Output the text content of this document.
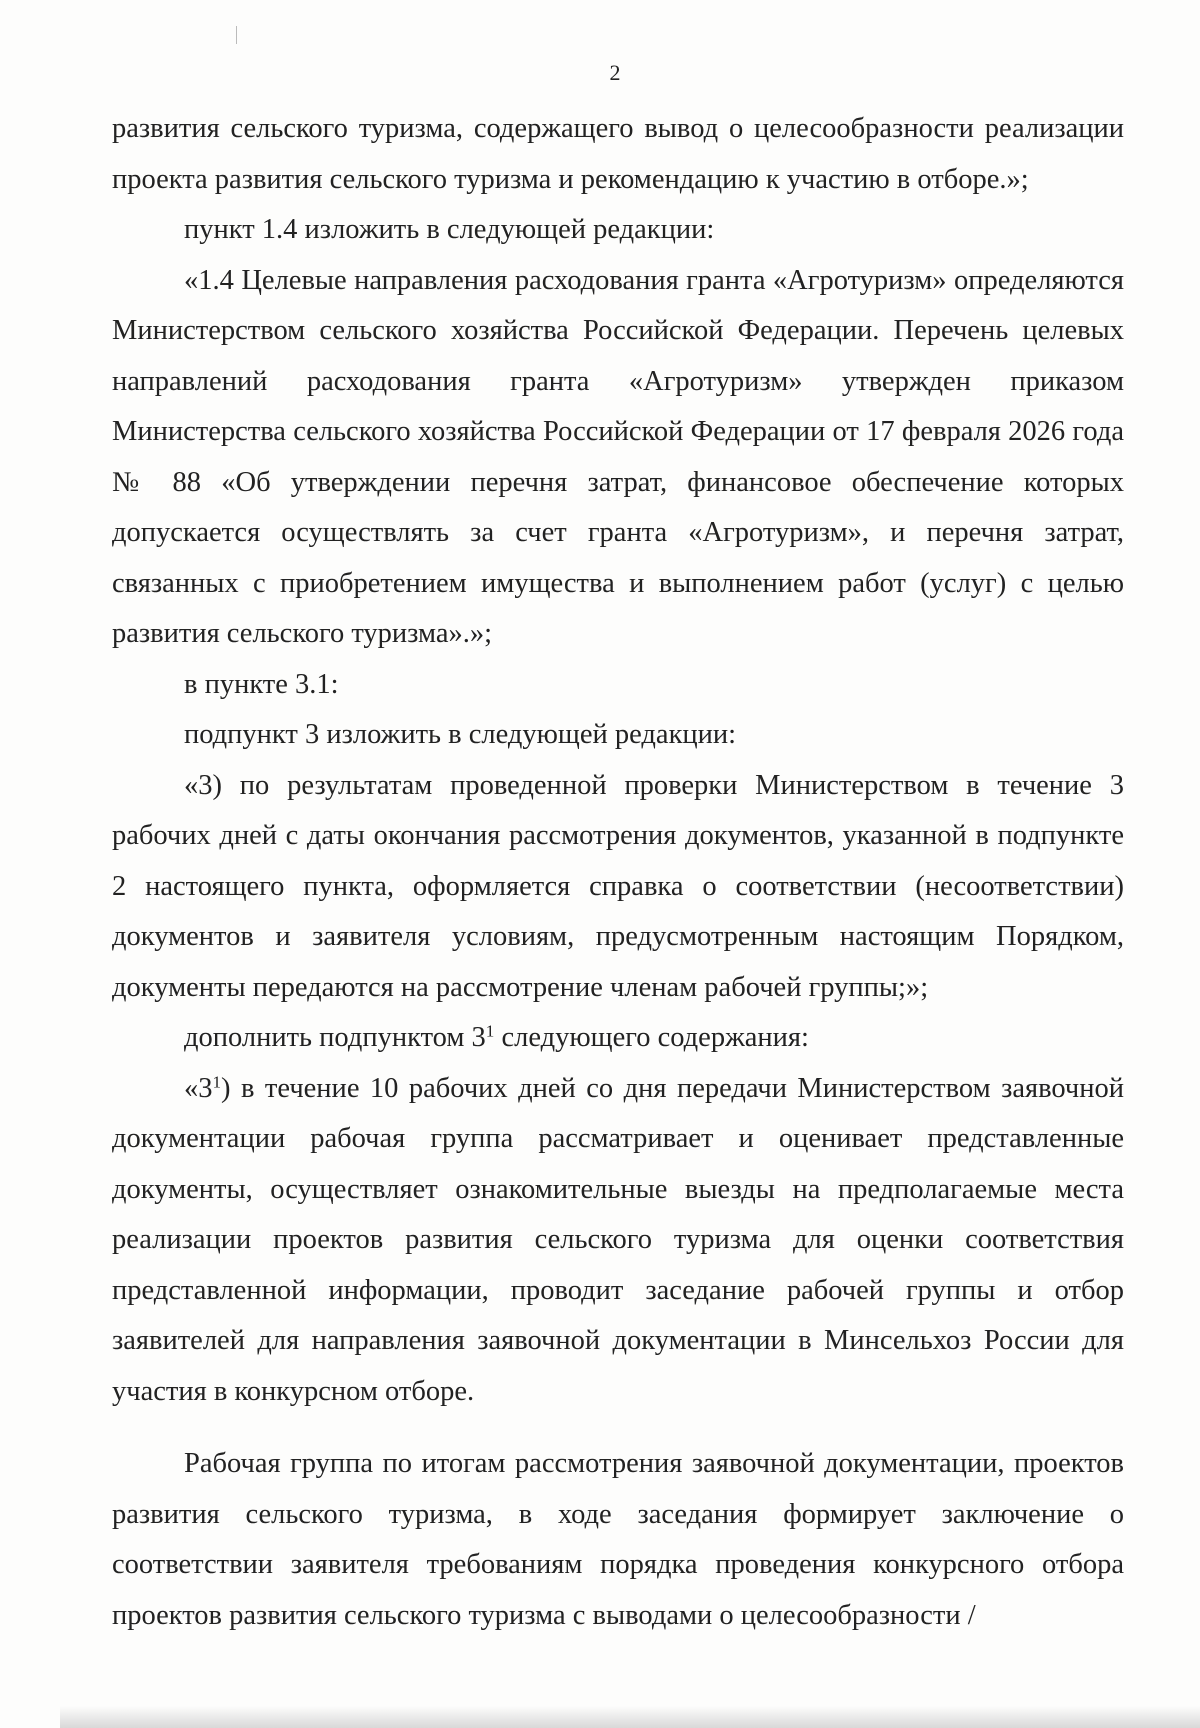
2

развития сельского туризма, содержащего вывод о целесообразности реализации проекта развития сельского туризма и рекомендацию к участию в отборе.»;

пункт 1.4 изложить в следующей редакции:

«1.4 Целевые направления расходования гранта «Агротуризм» определяются Министерством сельского хозяйства Российской Федерации. Перечень целевых направлений расходования гранта «Агротуризм» утвержден приказом Министерства сельского хозяйства Российской Федерации от 17 февраля 2026 года № 88 «Об утверждении перечня затрат, финансовое обеспечение которых допускается осуществлять за счет гранта «Агротуризм», и перечня затрат, связанных с приобретением имущества и выполнением работ (услуг) с целью развития сельского туризма».»;

в пункте 3.1:

подпункт 3 изложить в следующей редакции:

«3) по результатам проведенной проверки Министерством в течение 3 рабочих дней с даты окончания рассмотрения документов, указанной в подпункте 2 настоящего пункта, оформляется справка о соответствии (несоответствии) документов и заявителя условиям, предусмотренным настоящим Порядком, документы передаются на рассмотрение членам рабочей группы;»;

дополнить подпунктом $3^1$ следующего содержания:

«$3^1$) в течение 10 рабочих дней со дня передачи Министерством заявочной документации рабочая группа рассматривает и оценивает представленные документы, осуществляет ознакомительные выезды на предполагаемые места реализации проектов развития сельского туризма для оценки соответствия представленной информации, проводит заседание рабочей группы и отбор заявителей для направления заявочной документации в Минсельхоз России для участия в конкурсном отборе.

Рабочая группа по итогам рассмотрения заявочной документации, проектов развития сельского туризма, в ходе заседания формирует заключение о соответствии заявителя требованиям порядка проведения конкурсного отбора проектов развития сельского туризма с выводами о целесообразности /
